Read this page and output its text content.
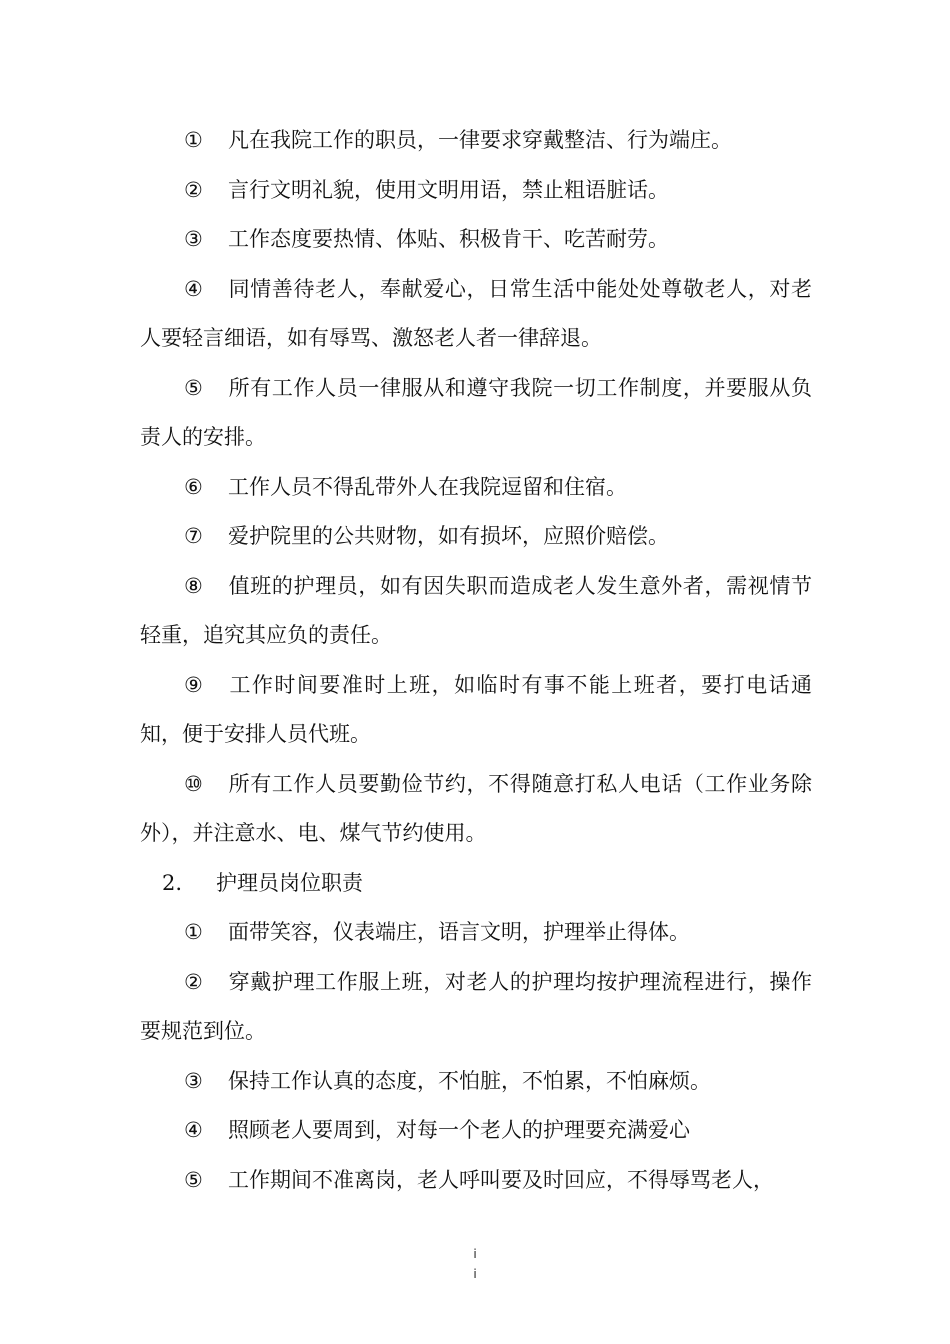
① 凡在我院工作的职员，一律要求穿戴整洁、行为端庄。

② 言行文明礼貌，使用文明用语，禁止粗语脏话。

③ 工作态度要热情、体贴、积极肯干、吃苦耐劳。

④ 同情善待老人，奉献爱心，日常生活中能处处尊敬老人，对老人要轻言细语，如有辱骂、激怒老人者一律辞退。

⑤ 所有工作人员一律服从和遵守我院一切工作制度，并要服从负责人的安排。

⑥ 工作人员不得乱带外人在我院逗留和住宿。

⑦ 爱护院里的公共财物，如有损坏，应照价赔偿。

⑧ 值班的护理员，如有因失职而造成老人发生意外者，需视情节轻重，追究其应负的责任。

⑨ 工作时间要准时上班，如临时有事不能上班者，要打电话通知，便于安排人员代班。

⑩ 所有工作人员要勤俭节约，不得随意打私人电话（工作业务除外），并注意水、电、煤气节约使用。

2. 护理员岗位职责

① 面带笑容，仪表端庄，语言文明，护理举止得体。

② 穿戴护理工作服上班，对老人的护理均按护理流程进行，操作要规范到位。

③ 保持工作认真的态度，不怕脏，不怕累，不怕麻烦。

④ 照顾老人要周到，对每一个老人的护理要充满爱心

⑤ 工作期间不准离岗，老人呼叫要及时回应，不得辱骂老人，

i
i
